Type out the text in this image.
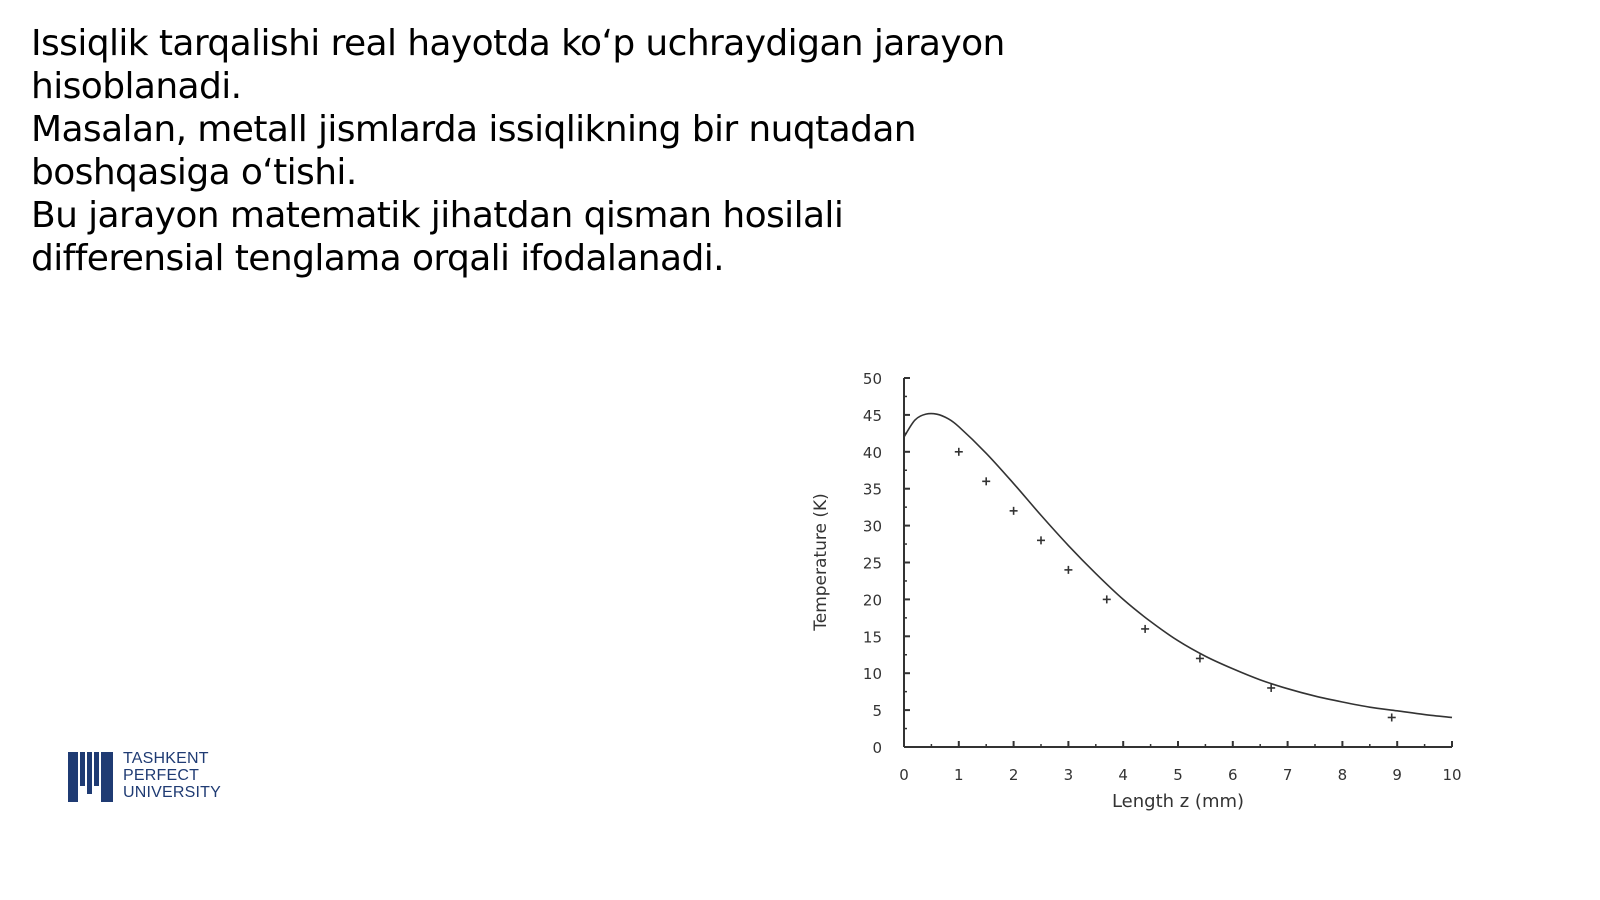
Issiqlik tarqalishi real hayotda ko‘p uchraydigan jarayon

hisoblanadi.

Masalan, metall jismlarda issiqlikning bir nuqtadan

boshqasiga o‘tishi.

Bu jarayon matematik jihatdan qisman hosilali

differensial tenglama orqali ifodalanadi.

TASHKENT
PERFECT
UNIVERSITY
0	1	2	3	4	5	6	7	8	9	10
0
5
10
15
20
25
30
35
40
45
50
Length z (mm)
Temperature (K)
